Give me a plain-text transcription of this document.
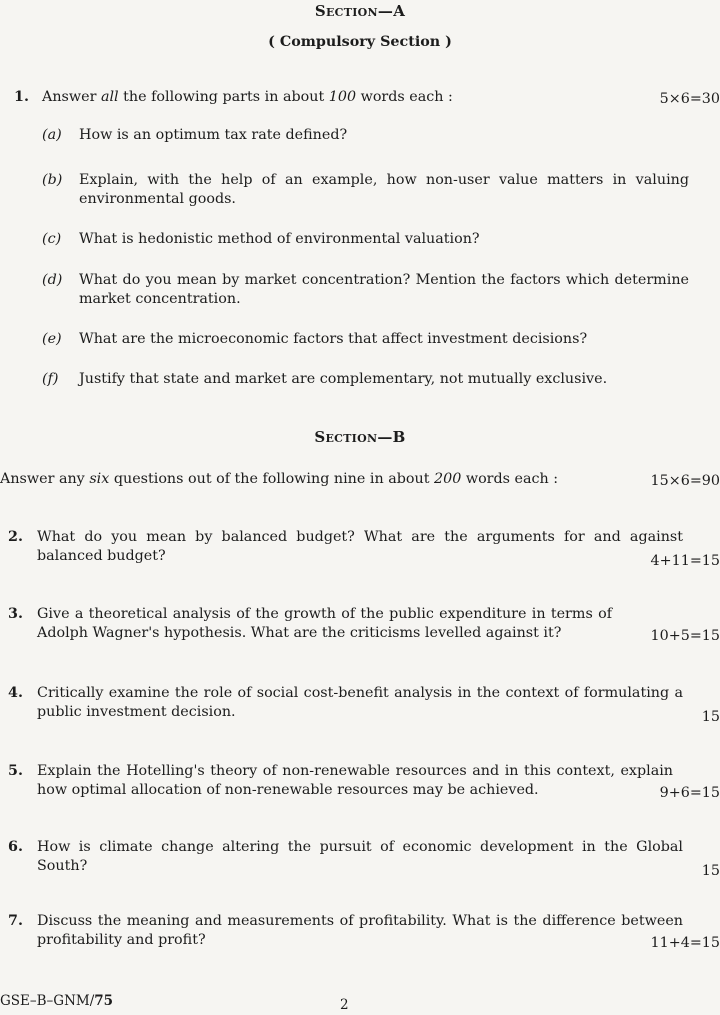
Section—A
( Compulsory Section )
1. Answer all the following parts in about 100 words each :	5×6=30
(a) How is an optimum tax rate defined?
(b) Explain, with the help of an example, how non-user value matters in valuing environmental goods.
(c) What is hedonistic method of environmental valuation?
(d) What do you mean by market concentration? Mention the factors which determine market concentration.
(e) What are the microeconomic factors that affect investment decisions?
(f) Justify that state and market are complementary, not mutually exclusive.
Section—B
Answer any six questions out of the following nine in about 200 words each :	15×6=90
2. What do you mean by balanced budget? What are the arguments for and against balanced budget?	4+11=15
3. Give a theoretical analysis of the growth of the public expenditure in terms of Adolph Wagner's hypothesis. What are the criticisms levelled against it?	10+5=15
4. Critically examine the role of social cost-benefit analysis in the context of formulating a public investment decision.	15
5. Explain the Hotelling's theory of non-renewable resources and in this context, explain how optimal allocation of non-renewable resources may be achieved.	9+6=15
6. How is climate change altering the pursuit of economic development in the Global South?	15
7. Discuss the meaning and measurements of profitability. What is the difference between profitability and profit?	11+4=15
GSE–B–GNM/75	2
